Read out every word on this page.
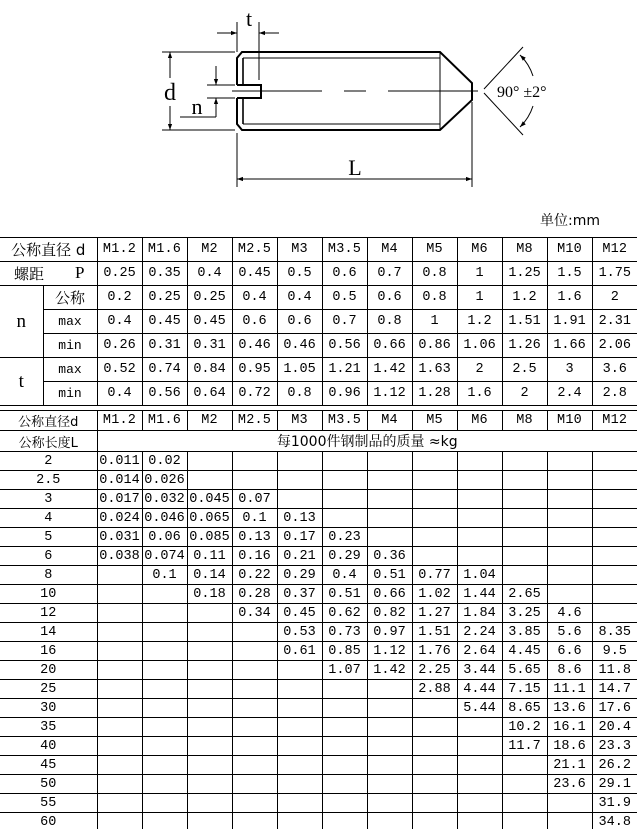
t
d
n
L
90° ±2°
单位:mm
公称直径 d		M1.2	M1.6	M2	M2.5	M3	M3.5	M4	M5	M6	M8	M10	M12

螺距 P		0.25	0.35	0.4	0.45	0.5	0.6	0.7	0.8	1	1.25	1.5	1.75
n	公称	0.2	0.25	0.25	0.4	0.4	0.5	0.6	0.8	1	1.2	1.6	2
	max	0.4	0.45	0.45	0.6	0.6	0.7	0.8	1	1.2	1.51	1.91	2.31
	min	0.26	0.31	0.31	0.46	0.46	0.56	0.66	0.86	1.06	1.26	1.66	2.06
t	max	0.52	0.74	0.84	0.95	1.05	1.21	1.42	1.63	2	2.5	3	3.6
	min	0.4	0.56	0.64	0.72	0.8	0.96	1.12	1.28	1.6	2	2.4	2.8
公称直径d	M1.2	M1.6	M2	M2.5	M3	M3.5	M4	M5	M6	M8	M10	M12
公称长度L	每1000件钢制品的质量 ≈kg											
2	0.011	0.02										
2.5	0.014	0.026										
3	0.017	0.032	0.045	0.07								
4	0.024	0.046	0.065	0.1	0.13							
5	0.031	0.06	0.085	0.13	0.17	0.23						
6	0.038	0.074	0.11	0.16	0.21	0.29	0.36					
8		0.1	0.14	0.22	0.29	0.4	0.51	0.77	1.04			
10			0.18	0.28	0.37	0.51	0.66	1.02	1.44	2.65		
12				0.34	0.45	0.62	0.82	1.27	1.84	3.25	4.6	
14					0.53	0.73	0.97	1.51	2.24	3.85	5.6	8.35
16					0.61	0.85	1.12	1.76	2.64	4.45	6.6	9.5
20						1.07	1.42	2.25	3.44	5.65	8.6	11.8
25								2.88	4.44	7.15	11.1	14.7
30									5.44	8.65	13.6	17.6
35										10.2	16.1	20.4
40										11.7	18.6	23.3
45											21.1	26.2
50											23.6	29.1
55												31.9
60												34.8
